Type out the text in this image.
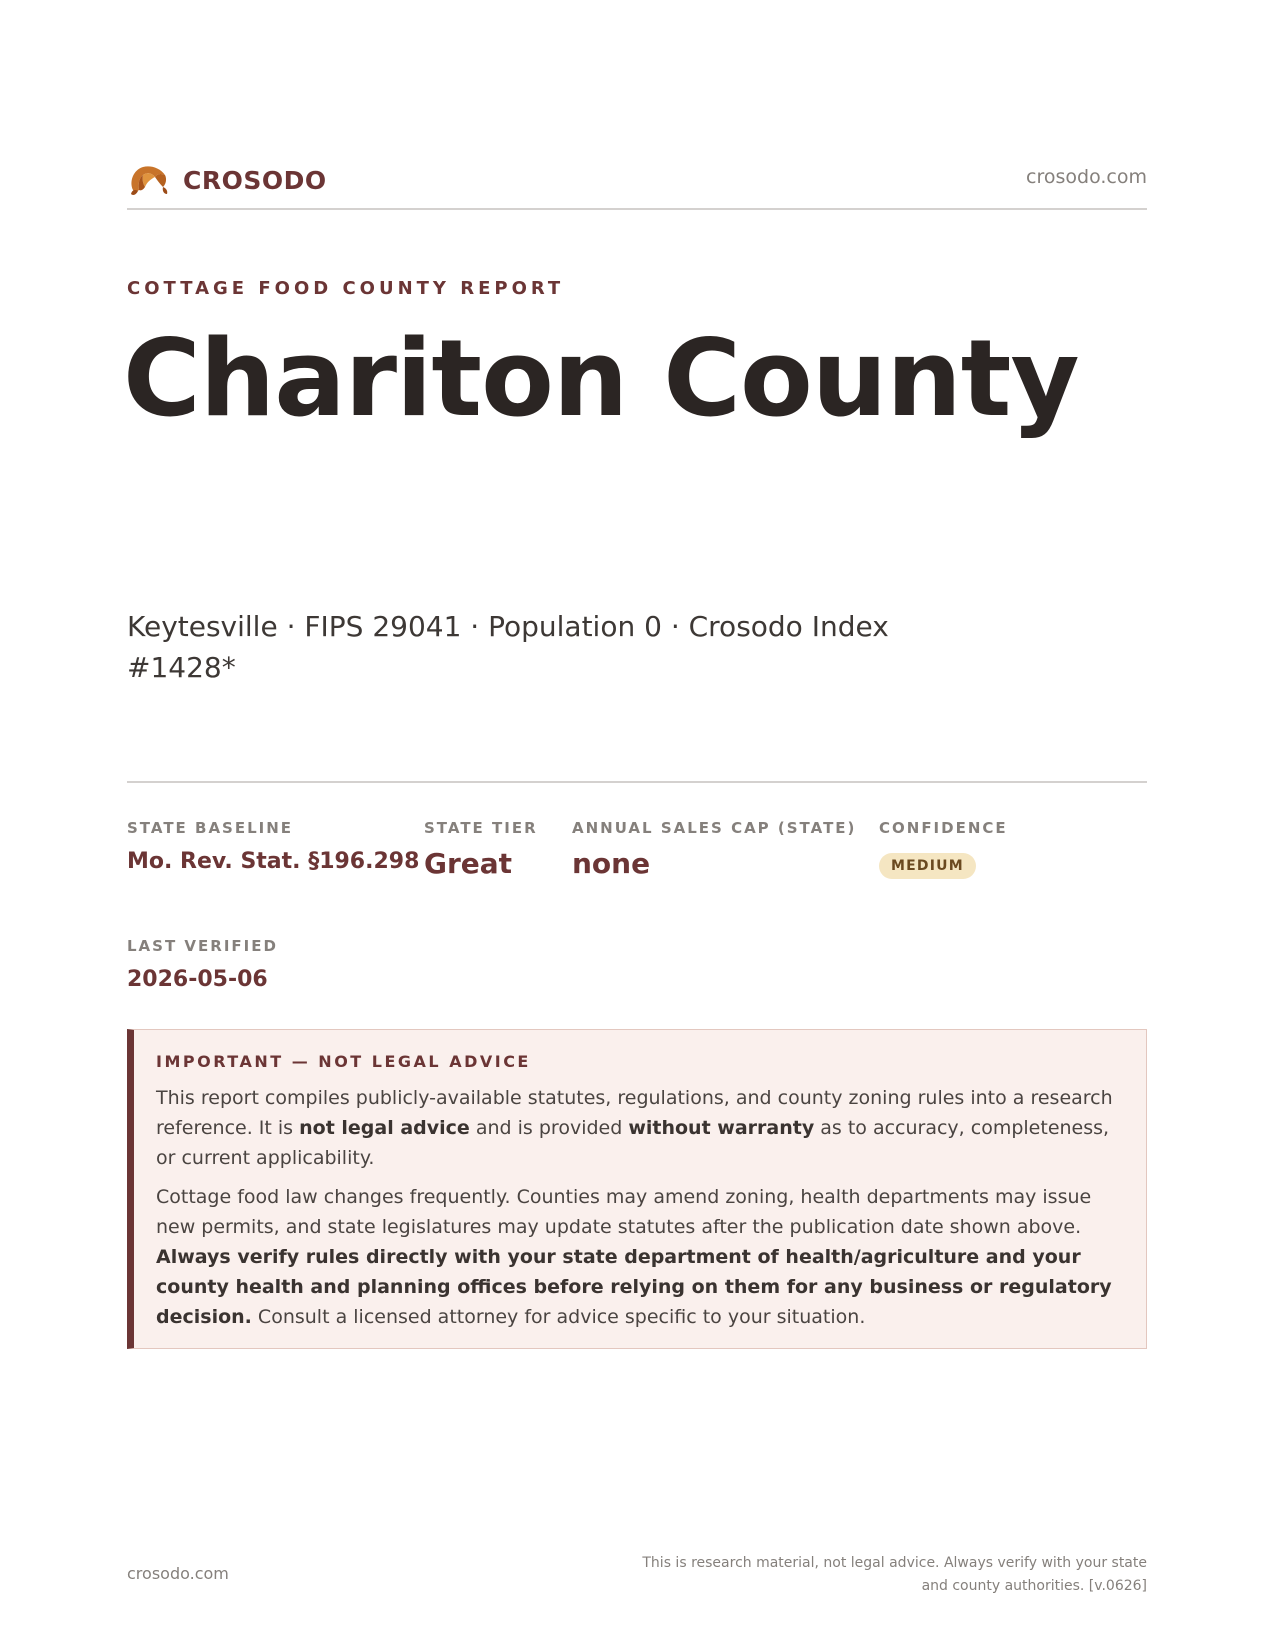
CROSODO	crosodo.com
COTTAGE FOOD COUNTY REPORT
Chariton County
Keytesville · FIPS 29041 · Population 0 · Crosodo Index #1428*
STATE BASELINE
Mo. Rev. Stat. §196.298
STATE TIER
Great
ANNUAL SALES CAP (STATE)
none
CONFIDENCE
MEDIUM
LAST VERIFIED
2026-05-06
IMPORTANT — NOT LEGAL ADVICE

This report compiles publicly-available statutes, regulations, and county zoning rules into a research reference. It is not legal advice and is provided without warranty as to accuracy, completeness, or current applicability.

Cottage food law changes frequently. Counties may amend zoning, health departments may issue new permits, and state legislatures may update statutes after the publication date shown above. Always verify rules directly with your state department of health/agriculture and your county health and planning offices before relying on them for any business or regulatory decision. Consult a licensed attorney for advice specific to your situation.

crosodo.com
This is research material, not legal advice. Always verify with your state and county authorities. [v.0626]
